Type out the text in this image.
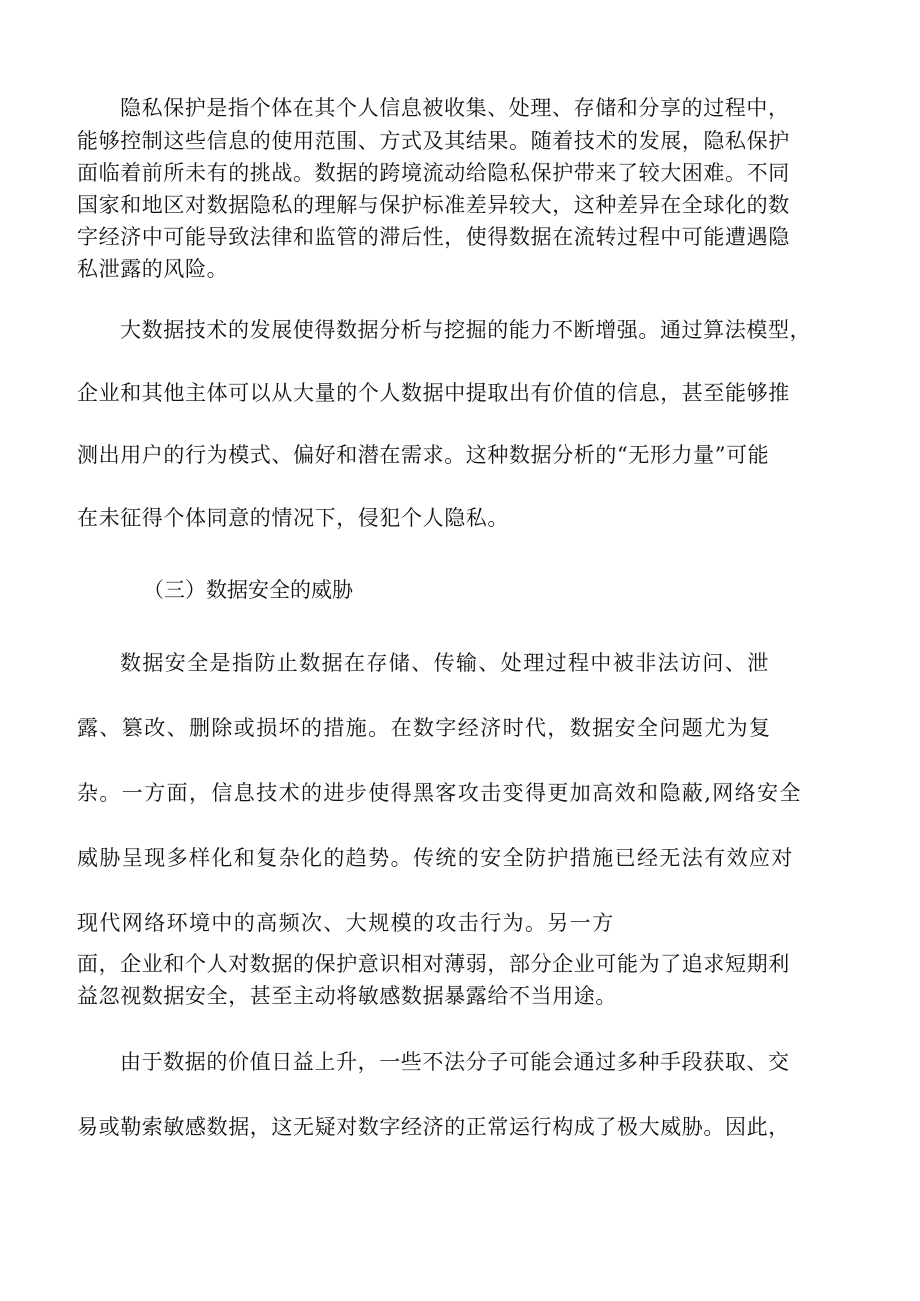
隐私保护是指个体在其个人信息被收集、处理、存储和分享的过程中，
能够控制这些信息的使用范围、方式及其结果。随着技术的发展，隐私保护
面临着前所未有的挑战。数据的跨境流动给隐私保护带来了较大困难。不同
国家和地区对数据隐私的理解与保护标准差异较大，这种差异在全球化的数
字经济中可能导致法律和监管的滞后性，使得数据在流转过程中可能遭遇隐
私泄露的风险。
大数据技术的发展使得数据分析与挖掘的能力不断增强。通过算法模型，
企业和其他主体可以从大量的个人数据中提取出有价值的信息，甚至能够推
测出用户的行为模式、偏好和潜在需求。这种数据分析的“无形力量”可能
在未征得个体同意的情况下，侵犯个人隐私。
（三）数据安全的威胁
数据安全是指防止数据在存储、传输、处理过程中被非法访问、泄
露、篡改、删除或损坏的措施。在数字经济时代，数据安全问题尤为复
杂。一方面，信息技术的进步使得黑客攻击变得更加高效和隐蔽,网络安全
威胁呈现多样化和复杂化的趋势。传统的安全防护措施已经无法有效应对
现代网络环境中的高频次、大规模的攻击行为。另一方
面，企业和个人对数据的保护意识相对薄弱，部分企业可能为了追求短期利
益忽视数据安全，甚至主动将敏感数据暴露给不当用途。
由于数据的价值日益上升，一些不法分子可能会通过多种手段获取、交
易或勒索敏感数据，这无疑对数字经济的正常运行构成了极大威胁。因此，
